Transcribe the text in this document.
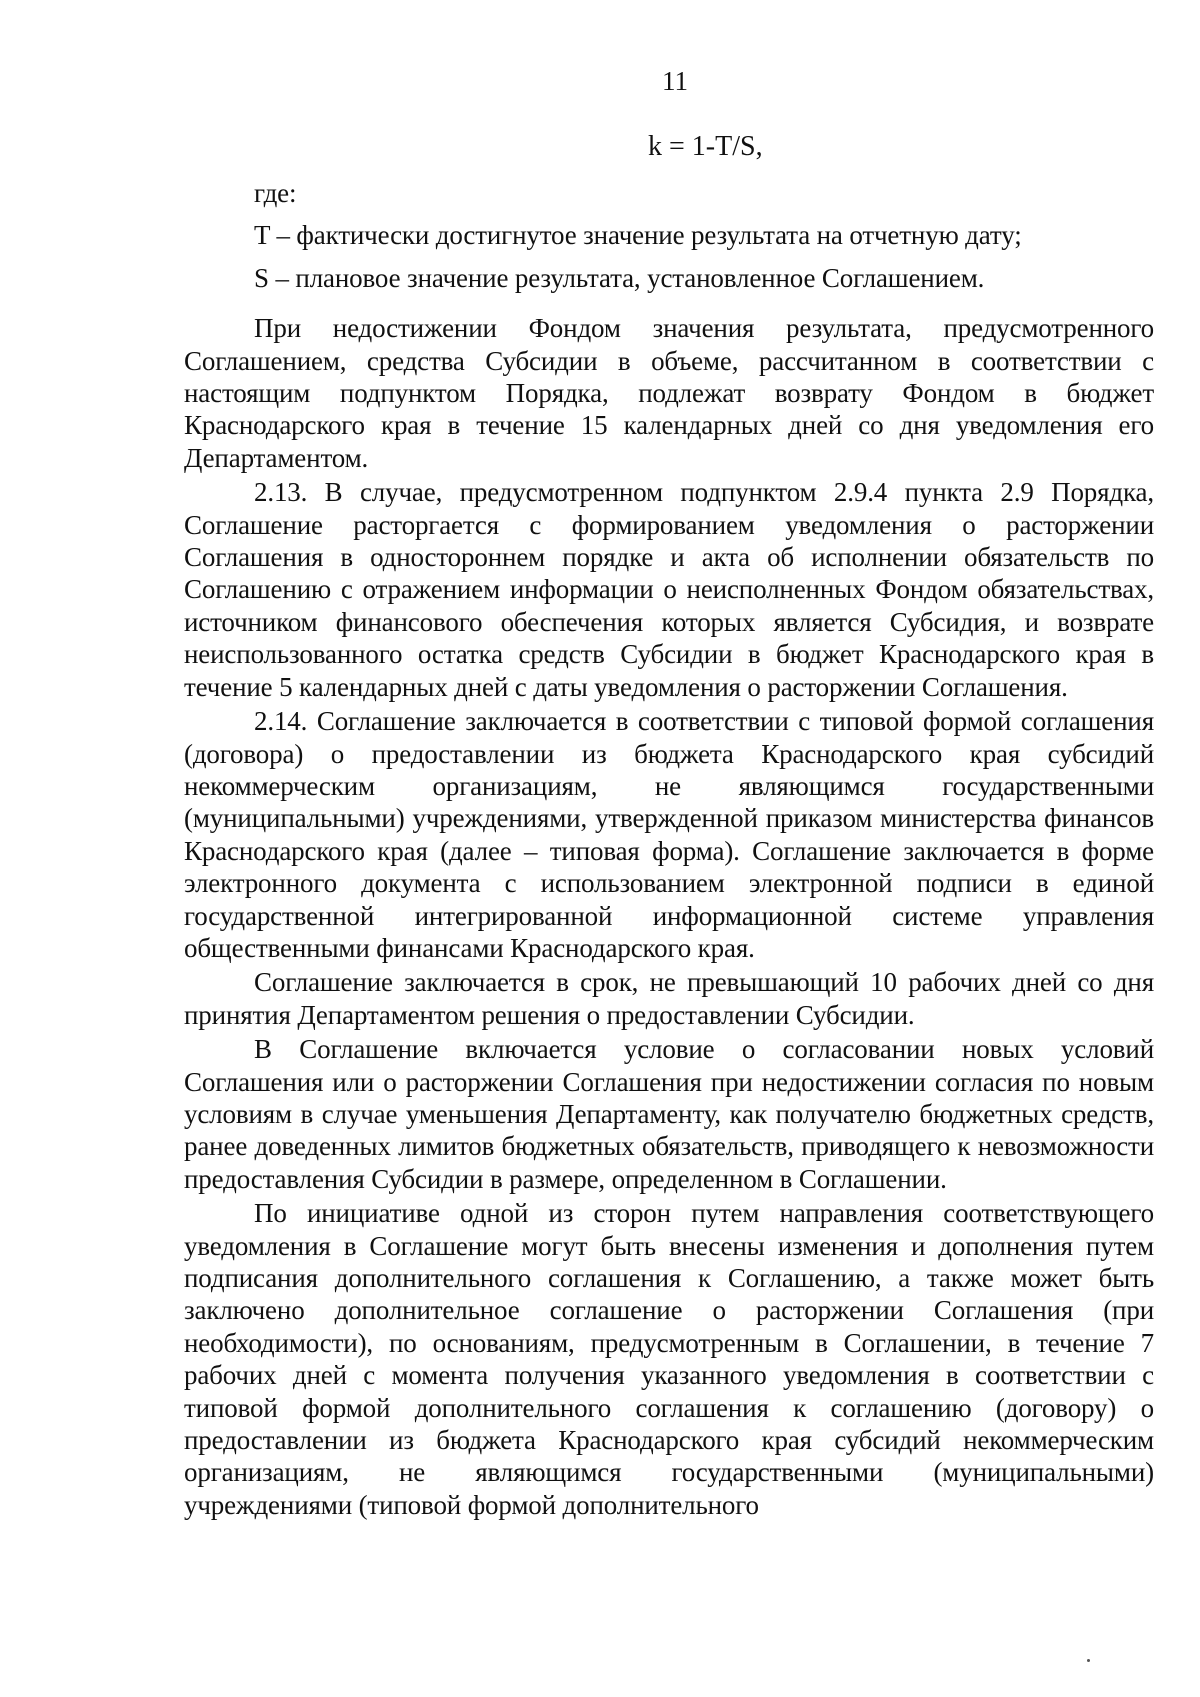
11
k = 1-T/S,

где:

T – фактически достигнутое значение результата на отчетную дату;

S – плановое значение результата, установленное Соглашением.

При недостижении Фондом значения результата, предусмотренного Соглашением, средства Субсидии в объеме, рассчитанном в соответствии с настоящим подпунктом Порядка, подлежат возврату Фондом в бюджет Краснодарского края в течение 15 календарных дней со дня уведомления его Департаментом.

2.13. В случае, предусмотренном подпунктом 2.9.4 пункта 2.9 Порядка, Соглашение расторгается с формированием уведомления о расторжении Соглашения в одностороннем порядке и акта об исполнении обязательств по Соглашению с отражением информации о неисполненных Фондом обязательствах, источником финансового обеспечения которых является Субсидия, и возврате неиспользованного остатка средств Субсидии в бюджет Краснодарского края в течение 5 календарных дней с даты уведомления о расторжении Соглашения.

2.14. Соглашение заключается в соответствии с типовой формой соглашения (договора) о предоставлении из бюджета Краснодарского края субсидий некоммерческим организациям, не являющимся государственными (муниципальными) учреждениями, утвержденной приказом министерства финансов Краснодарского края (далее – типовая форма). Соглашение заключается в форме электронного документа с использованием электронной подписи в единой государственной интегрированной информационной системе управления общественными финансами Краснодарского края.

Соглашение заключается в срок, не превышающий 10 рабочих дней со дня принятия Департаментом решения о предоставлении Субсидии.

В Соглашение включается условие о согласовании новых условий Соглашения или о расторжении Соглашения при недостижении согласия по новым условиям в случае уменьшения Департаменту, как получателю бюджетных средств, ранее доведенных лимитов бюджетных обязательств, приводящего к невозможности предоставления Субсидии в размере, определенном в Соглашении.

По инициативе одной из сторон путем направления соответствующего уведомления в Соглашение могут быть внесены изменения и дополнения путем подписания дополнительного соглашения к Соглашению, а также может быть заключено дополнительное соглашение о расторжении Соглашения (при необходимости), по основаниям, предусмотренным в Соглашении, в течение 7 рабочих дней с момента получения указанного уведомления в соответствии с типовой формой дополнительного соглашения к соглашению (договору) о предоставлении из бюджета Краснодарского края субсидий некоммерческим организациям, не являющимся государственными (муниципальными) учреждениями (типовой формой дополнительного
